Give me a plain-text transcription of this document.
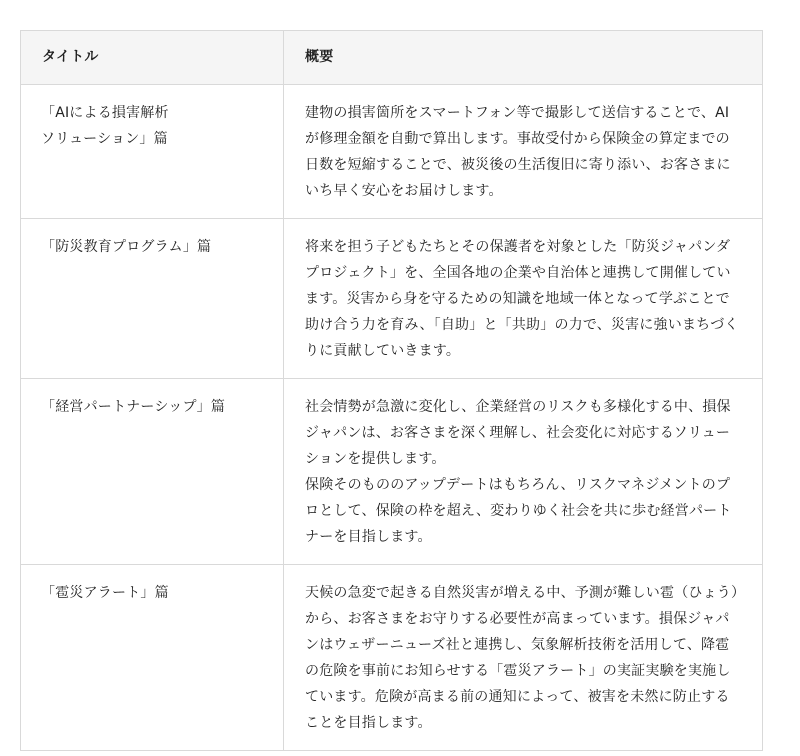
タイトル	概要

「AIによる損害解析
ソリューション」篇	建物の損害箇所をスマートフォン等で撮影して送信することで、AIが修理金額を自動で算出します。事故受付から保険金の算定までの日数を短縮することで、被災後の生活復旧に寄り添い、お客さまにいち早く安心をお届けします。

「防災教育プログラム」篇	将来を担う子どもたちとその保護者を対象とした「防災ジャパンダプロジェクト」を、全国各地の企業や自治体と連携して開催しています。災害から身を守るための知識を地域一体となって学ぶことで助け合う力を育み、「自助」と「共助」の力で、災害に強いまちづくりに貢献していきます。

「経営パートナーシップ」篇	社会情勢が急激に変化し、企業経営のリスクも多様化する中、損保ジャパンは、お客さまを深く理解し、社会変化に対応するソリューションを提供します。
保険そのもののアップデートはもちろん、リスクマネジメントのプロとして、保険の枠を超え、変わりゆく社会を共に歩む経営パートナーを目指します。

「雹災アラート」篇	天候の急変で起きる自然災害が増える中、予測が難しい雹（ひょう）から、お客さまをお守りする必要性が高まっています。損保ジャパンはウェザーニューズ社と連携し、気象解析技術を活用して、降雹の危険を事前にお知らせする「雹災アラート」の実証実験を実施しています。危険が高まる前の通知によって、被害を未然に防止することを目指します。
